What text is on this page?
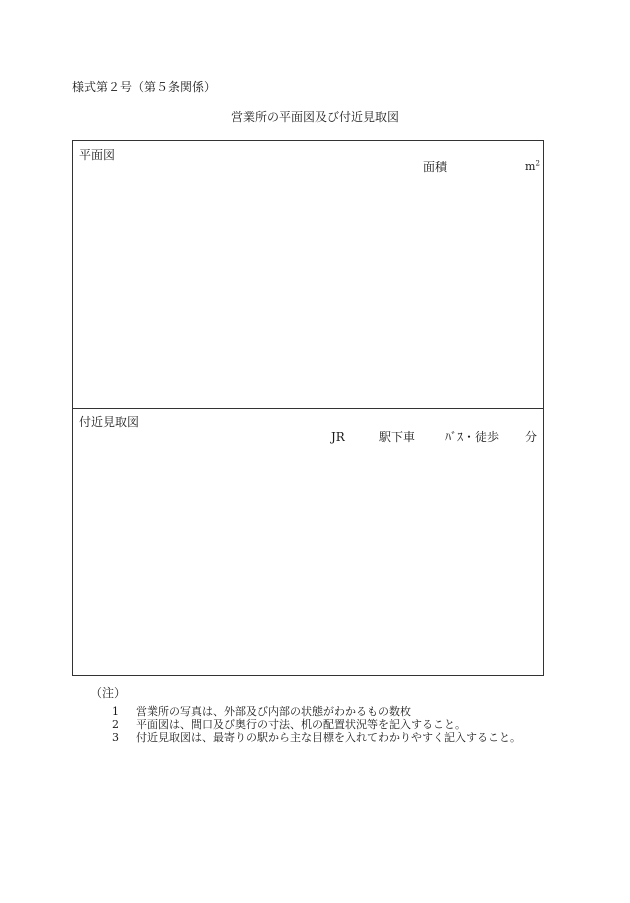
様式第２号（第５条関係）
営業所の平面図及び付近見取図
平面図
面積	$m^2$
付近見取図
JR	駅下車 ﾊﾞｽ・徒歩 分
（注）
1 営業所の写真は、外部及び内部の状態がわかるもの数枚
2 平面図は、間口及び奥行の寸法、机の配置状況等を記入すること。
3 付近見取図は、最寄りの駅から主な目標を入れてわかりやすく記入すること。
